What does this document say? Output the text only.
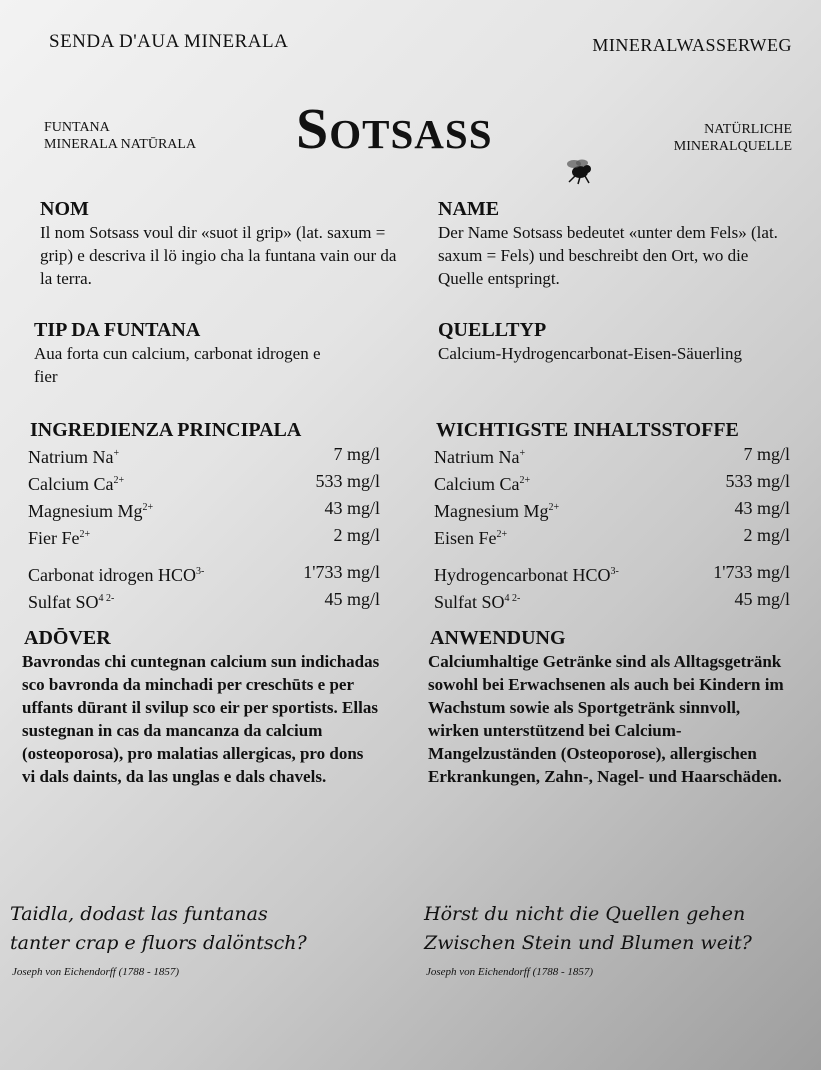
SENDA D'AUA MINERALA	MINERALWASSERWEG
FUNTANA
MINERALA NATŪRALA Sotsass	NATÜRLICHE
MINERALQUELLE

NOM

Il nom Sotsass voul dir «suot il grip» (lat. saxum = grip) e descriva il lö ingio cha la funtana vain our da la terra.

NAME

Der Name Sotsass bedeutet «unter dem Fels» (lat. saxum = Fels) und beschreibt den Ort, wo die Quelle entspringt.

TIP DA FUNTANA

Aua forta cun calcium, carbonat idrogen e fier

QUELLTYP

Calcium-Hydrogencarbonat-Eisen-Säuerling

INGREDIENZA PRINCIPALA

Natrium Na+	7 mg/l
Calcium $Ca^{2+}$	533 mg/l
Magnesium $Mg^{2+}$	43 mg/l
Fier $Fe^{2+}$	2 mg/l
Carbonat idrogen $HCO^{3-}$	1'733 mg/l
Sulfat $SO^{4 2-}$	45 mg/l

WICHTIGSTE INHALTSSTOFFE

Natrium Na+	7 mg/l
Calcium $Ca^{2+}$	533 mg/l
Magnesium $Mg^{2+}$	43 mg/l
Eisen $Fe^{2+}$	2 mg/l
Hydrogencarbonat $HCO^{3-}$	1'733 mg/l
Sulfat $SO^{4 2-}$	45 mg/l

ADŌVER

Bavrondas chi cuntegnan calcium sun indichadas sco bavronda da minchadi per creschūts e per uffants dūrant il svilup sco eir per sportists. Ellas sustegnan in cas da mancanza da calcium (osteoporosa), pro malatias allergicas, pro dons vi dals daints, da las unglas e dals chavels.

ANWENDUNG

Calciumhaltige Getränke sind als Alltagsgetränk sowohl bei Erwachsenen als auch bei Kindern im Wachstum sowie als Sportgetränk sinnvoll, wirken unterstützend bei Calcium-Mangelzuständen (Osteoporose), allergischen Erkrankungen, Zahn-, Nagel- und Haarschäden.

Taidla, dodast las funtanas

tanter crap e fluors dalöntsch?

Joseph von Eichendorff (1788 - 1857)

Hörst du nicht die Quellen gehen

Zwischen Stein und Blumen weit?

Joseph von Eichendorff (1788 - 1857)
